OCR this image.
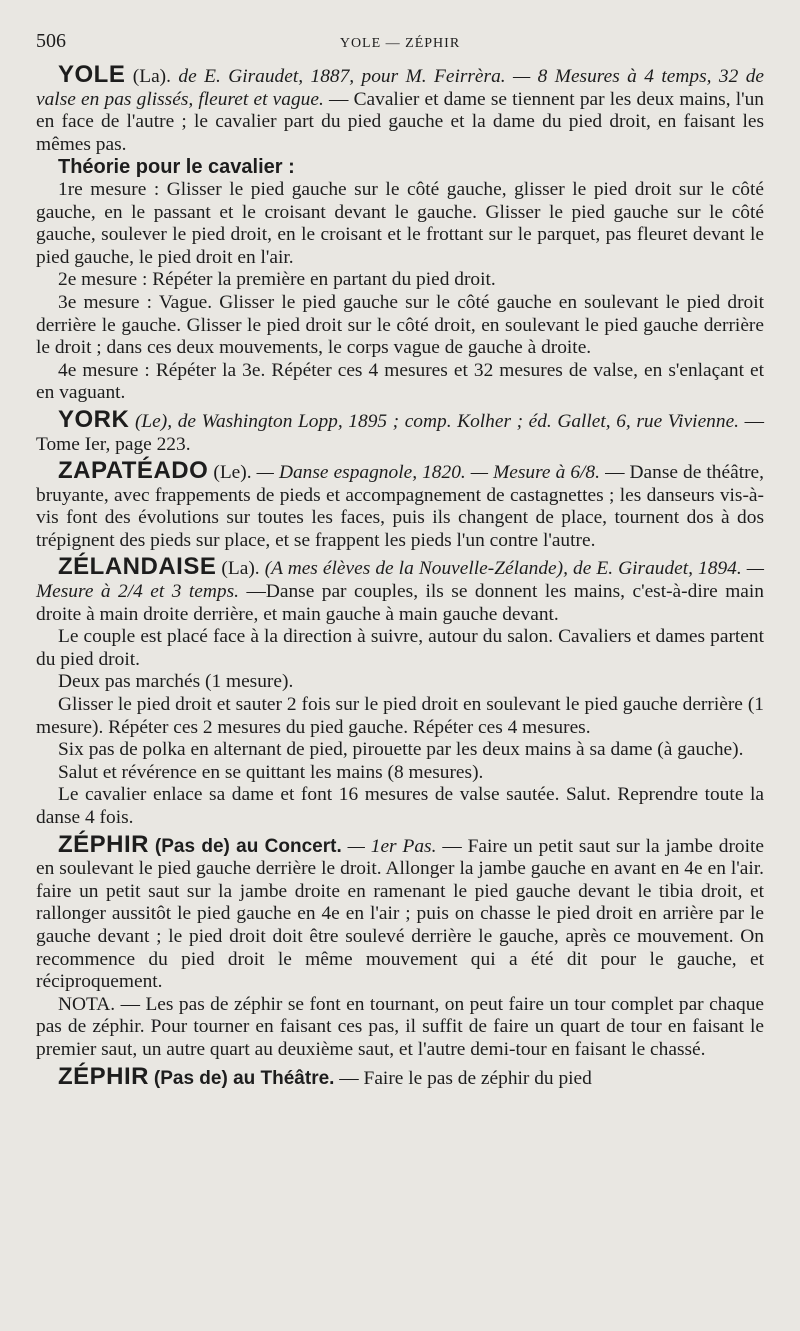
506	YOLE — ZÉPHIR

YOLE (La). de E. Giraudet, 1887, pour M. Feirrèra. — 8 Mesures à 4 temps, 32 de valse en pas glissés, fleuret et vague. — Cavalier et dame se tiennent par les deux mains, l'un en face de l'autre ; le cavalier part du pied gauche et la dame du pied droit, en faisant les mêmes pas.

Théorie pour le cavalier :

1re mesure : Glisser le pied gauche sur le côté gauche, glisser le pied droit sur le côté gauche, en le passant et le croisant devant le gauche. Glisser le pied gauche sur le côté gauche, soulever le pied droit, en le croisant et le frottant sur le parquet, pas fleuret devant le pied gauche, le pied droit en l'air.

2e mesure : Répéter la première en partant du pied droit.

3e mesure : Vague. Glisser le pied gauche sur le côté gauche en soulevant le pied droit derrière le gauche. Glisser le pied droit sur le côté droit, en soulevant le pied gauche derrière le droit ; dans ces deux mouvements, le corps vague de gauche à droite.

4e mesure : Répéter la 3e. Répéter ces 4 mesures et 32 mesures de valse, en s'enlaçant et en vaguant.

YORK (Le), de Washington Lopp, 1895 ; comp. Kolher ; éd. Gallet, 6, rue Vivienne. — Tome Ier, page 223.

ZAPATÉADO (Le). — Danse espagnole, 1820. — Mesure à 6/8. — Danse de théâtre, bruyante, avec frappements de pieds et accompagnement de castagnettes ; les danseurs vis-à-vis font des évolutions sur toutes les faces, puis ils changent de place, tournent dos à dos trépignent des pieds sur place, et se frappent les pieds l'un contre l'autre.

ZÉLANDAISE (La). (A mes élèves de la Nouvelle-Zélande), de E. Giraudet, 1894. — Mesure à 2/4 et 3 temps. —Danse par couples, ils se donnent les mains, c'est-à-dire main droite à main droite derrière, et main gauche à main gauche devant.

Le couple est placé face à la direction à suivre, autour du salon. Cavaliers et dames partent du pied droit.

Deux pas marchés (1 mesure).

Glisser le pied droit et sauter 2 fois sur le pied droit en soulevant le pied gauche derrière (1 mesure). Répéter ces 2 mesures du pied gauche. Répéter ces 4 mesures.

Six pas de polka en alternant de pied, pirouette par les deux mains à sa dame (à gauche).

Salut et révérence en se quittant les mains (8 mesures).

Le cavalier enlace sa dame et font 16 mesures de valse sautée. Salut. Reprendre toute la danse 4 fois.

ZÉPHIR (Pas de) au Concert. — 1er Pas. — Faire un petit saut sur la jambe droite en soulevant le pied gauche derrière le droit. Allonger la jambe gauche en avant en 4e en l'air. faire un petit saut sur la jambe droite en ramenant le pied gauche devant le tibia droit, et rallonger aussitôt le pied gauche en 4e en l'air ; puis on chasse le pied droit en arrière par le gauche devant ; le pied droit doit être soulevé derrière le gauche, après ce mouvement. On recommence du pied droit le même mouvement qui a été dit pour le gauche, et réciproquement.

NOTA. — Les pas de zéphir se font en tournant, on peut faire un tour complet par chaque pas de zéphir. Pour tourner en faisant ces pas, il suffit de faire un quart de tour en faisant le premier saut, un autre quart au deuxième saut, et l'autre demi-tour en faisant le chassé.

ZÉPHIR (Pas de) au Théâtre. — Faire le pas de zéphir du pied
